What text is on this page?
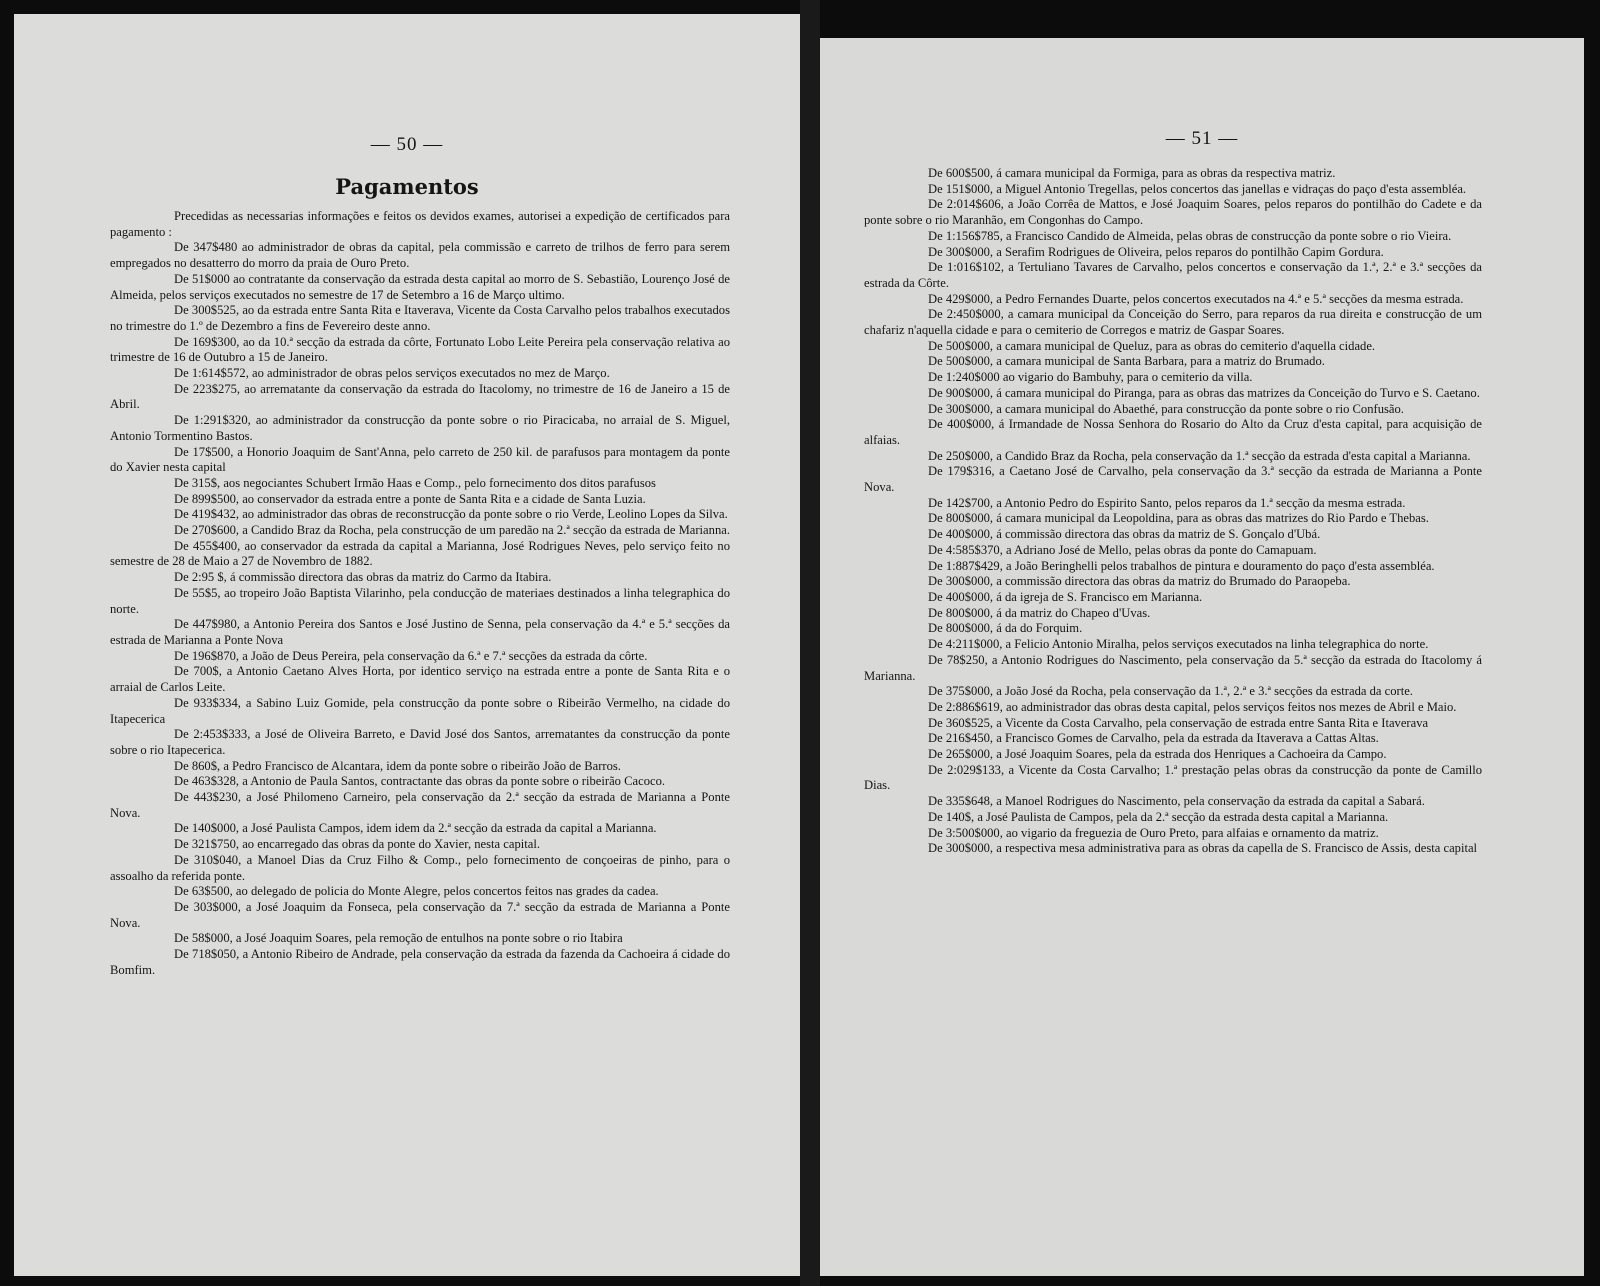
— 50 —
Pagamentos

Precedidas as necessarias informações e feitos os devidos exames, autorisei a expedição de certificados para pagamento :

De 347$480 ao administrador de obras da capital, pela commissão e carreto de trilhos de ferro para serem empregados no desatterro do morro da praia de Ouro Preto.

De 51$000 ao contratante da conservação da estrada desta capital ao morro de S. Sebastião, Lourenço José de Almeida, pelos serviços executados no semestre de 17 de Setembro a 16 de Março ultimo.

De 300$525, ao da estrada entre Santa Rita e Itaverava, Vicente da Costa Carvalho pelos trabalhos executados no trimestre do 1.º de Dezembro a fins de Fevereiro deste anno.

De 169$300, ao da 10.ª secção da estrada da côrte, Fortunato Lobo Leite Pereira pela conservação relativa ao trimestre de 16 de Outubro a 15 de Janeiro.

De 1:614$572, ao administrador de obras pelos serviços executados no mez de Março.

De 223$275, ao arrematante da conservação da estrada do Itacolomy, no trimestre de 16 de Janeiro a 15 de Abril.

De 1:291$320, ao administrador da construcção da ponte sobre o rio Piracicaba, no arraial de S. Miguel, Antonio Tormentino Bastos.

De 17$500, a Honorio Joaquim de Sant'Anna, pelo carreto de 250 kil. de parafusos para montagem da ponte do Xavier nesta capital

De 315$, aos negociantes Schubert Irmão Haas e Comp., pelo fornecimento dos ditos parafusos

De 899$500, ao conservador da estrada entre a ponte de Santa Rita e a cidade de Santa Luzia.

De 419$432, ao administrador das obras de reconstrucção da ponte sobre o rio Verde, Leolino Lopes da Silva.

De 270$600, a Candido Braz da Rocha, pela construcção de um paredão na 2.ª secção da estrada de Marianna.

De 455$400, ao conservador da estrada da capital a Marianna, José Rodrigues Neves, pelo serviço feito no semestre de 28 de Maio a 27 de Novembro de 1882.

De 2:95 $, á commissão directora das obras da matriz do Carmo da Itabira.

De 55$5, ao tropeiro João Baptista Vilarinho, pela conducção de materiaes destinados a linha telegraphica do norte.

De 447$980, a Antonio Pereira dos Santos e José Justino de Senna, pela conservação da 4.ª e 5.ª secções da estrada de Marianna a Ponte Nova

De 196$870, a João de Deus Pereira, pela conservação da 6.ª e 7.ª secções da estrada da côrte.

De 700$, a Antonio Caetano Alves Horta, por identico serviço na estrada entre a ponte de Santa Rita e o arraial de Carlos Leite.

De 933$334, a Sabino Luiz Gomide, pela construcção da ponte sobre o Ribeirão Vermelho, na cidade do Itapecerica

De 2:453$333, a José de Oliveira Barreto, e David José dos Santos, arrematantes da construcção da ponte sobre o rio Itapecerica.

De 860$, a Pedro Francisco de Alcantara, idem da ponte sobre o ribeirão João de Barros.

De 463$328, a Antonio de Paula Santos, contractante das obras da ponte sobre o ribeirão Cacoco.

De 443$230, a José Philomeno Carneiro, pela conservação da 2.ª secção da estrada de Marianna a Ponte Nova.

De 140$000, a José Paulista Campos, idem idem da 2.ª secção da estrada da capital a Marianna.

De 321$750, ao encarregado das obras da ponte do Xavier, nesta capital.

De 310$040, a Manoel Dias da Cruz Filho & Comp., pelo fornecimento de conçoeiras de pinho, para o assoalho da referida ponte.

De 63$500, ao delegado de policia do Monte Alegre, pelos concertos feitos nas grades da cadea.

De 303$000, a José Joaquim da Fonseca, pela conservação da 7.ª secção da estrada de Marianna a Ponte Nova.

De 58$000, a José Joaquim Soares, pela remoção de entulhos na ponte sobre o rio Itabira

De 718$050, a Antonio Ribeiro de Andrade, pela conservação da estrada da fazenda da Cachoeira á cidade do Bomfim.

— 51 —

De 600$500, á camara municipal da Formiga, para as obras da respectiva matriz.

De 151$000, a Miguel Antonio Tregellas, pelos concertos das janellas e vidraças do paço d'esta assembléa.

De 2:014$606, a João Corrêa de Mattos, e José Joaquim Soares, pelos reparos do pontilhão do Cadete e da ponte sobre o rio Maranhão, em Congonhas do Campo.

De 1:156$785, a Francisco Candido de Almeida, pelas obras de construcção da ponte sobre o rio Vieira.

De 300$000, a Serafim Rodrigues de Oliveira, pelos reparos do pontilhão Capim Gordura.

De 1:016$102, a Tertuliano Tavares de Carvalho, pelos concertos e conservação da 1.ª, 2.ª e 3.ª secções da estrada da Côrte.

De 429$000, a Pedro Fernandes Duarte, pelos concertos executados na 4.ª e 5.ª secções da mesma estrada.

De 2:450$000, a camara municipal da Conceição do Serro, para reparos da rua direita e construcção de um chafariz n'aquella cidade e para o cemiterio de Corregos e matriz de Gaspar Soares.

De 500$000, a camara municipal de Queluz, para as obras do cemiterio d'aquella cidade.

De 500$000, a camara municipal de Santa Barbara, para a matriz do Brumado.

De 1:240$000 ao vigario do Bambuhy, para o cemiterio da villa.

De 900$000, á camara municipal do Piranga, para as obras das matrizes da Conceição do Turvo e S. Caetano.

De 300$000, a camara municipal do Abaethé, para construcção da ponte sobre o rio Confusão.

De 400$000, á Irmandade de Nossa Senhora do Rosario do Alto da Cruz d'esta capital, para acquisição de alfaias.

De 250$000, a Candido Braz da Rocha, pela conservação da 1.ª secção da estrada d'esta capital a Marianna.

De 179$316, a Caetano José de Carvalho, pela conservação da 3.ª secção da estrada de Marianna a Ponte Nova.

De 142$700, a Antonio Pedro do Espirito Santo, pelos reparos da 1.ª secção da mesma estrada.

De 800$000, á camara municipal da Leopoldina, para as obras das matrizes do Rio Pardo e Thebas.

De 400$000, á commissão directora das obras da matriz de S. Gonçalo d'Ubá.

De 4:585$370, a Adriano José de Mello, pelas obras da ponte do Camapuam.

De 1:887$429, a João Beringhelli pelos trabalhos de pintura e douramento do paço d'esta assembléa.

De 300$000, a commissão directora das obras da matriz do Brumado do Paraopeba.

De 400$000, á da igreja de S. Francisco em Marianna.

De 800$000, á da matriz do Chapeo d'Uvas.

De 800$000, á da do Forquim.

De 4:211$000, a Felicio Antonio Miralha, pelos serviços executados na linha telegraphica do norte.

De 78$250, a Antonio Rodrigues do Nascimento, pela conservação da 5.ª secção da estrada do Itacolomy á Marianna.

De 375$000, a João José da Rocha, pela conservação da 1.ª, 2.ª e 3.ª secções da estrada da corte.

De 2:886$619, ao administrador das obras desta capital, pelos serviços feitos nos mezes de Abril e Maio.

De 360$525, a Vicente da Costa Carvalho, pela conservação de estrada entre Santa Rita e Itaverava

De 216$450, a Francisco Gomes de Carvalho, pela da estrada da Itaverava a Cattas Altas.

De 265$000, a José Joaquim Soares, pela da estrada dos Henriques a Cachoeira da Campo.

De 2:029$133, a Vicente da Costa Carvalho; 1.ª prestação pelas obras da construcção da ponte de Camillo Dias.

De 335$648, a Manoel Rodrigues do Nascimento, pela conservação da estrada da capital a Sabará.

De 140$, a José Paulista de Campos, pela da 2.ª secção da estrada desta capital a Marianna.

De 3:500$000, ao vigario da freguezia de Ouro Preto, para alfaias e ornamento da matriz.

De 300$000, a respectiva mesa administrativa para as obras da capella de S. Francisco de Assis, desta capital
